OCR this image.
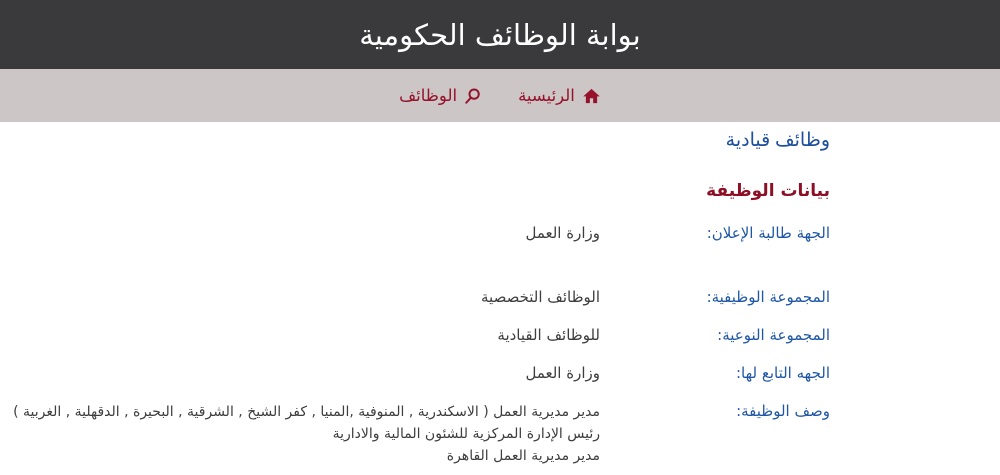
بوابة الوظائف الحكومية
الرئيسية
الوظائف
وظائف قيادية
بيانات الوظيفة
الجهة طالبة الإعلان:
وزارة العمل
المجموعة الوظيفية:
الوظائف التخصصية
المجموعة النوعية:
للوظائف القيادية
الجهه التابع لها:
وزارة العمل
وصف الوظيفة:
مدير مديرية العمل ( الاسكندرية , المنوفية ,المنيا , كفر الشيخ , الشرقية , البحيرة , الدقهلية , الغربية )
رئيس الإدارة المركزية للشئون المالية والادارية
مدير مديرية العمل القاهرة
